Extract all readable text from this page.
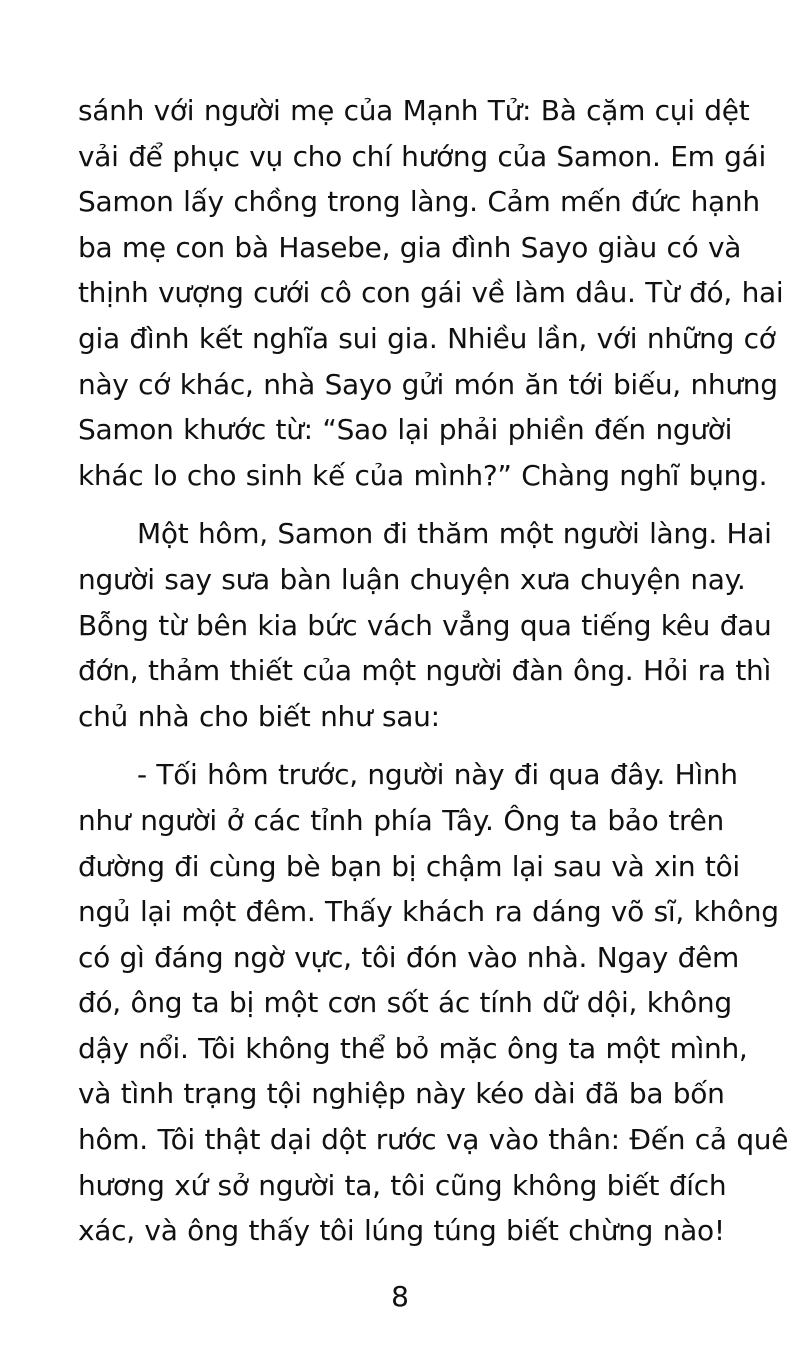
sánh với người mẹ của Mạnh Tử: Bà cặm cụi dệt
vải để phục vụ cho chí hướng của Samon. Em gái
Samon lấy chồng trong làng. Cảm mến đức hạnh
ba mẹ con bà Hasebe, gia đình Sayo giàu có và
thịnh vượng cưới cô con gái về làm dâu. Từ đó, hai
gia đình kết nghĩa sui gia. Nhiều lần, với những cớ
này cớ khác, nhà Sayo gửi món ăn tới biếu, nhưng
Samon khước từ: “Sao lại phải phiền đến người
khác lo cho sinh kế của mình?” Chàng nghĩ bụng.
Một hôm, Samon đi thăm một người làng. Hai
người say sưa bàn luận chuyện xưa chuyện nay.
Bỗng từ bên kia bức vách vẳng qua tiếng kêu đau
đớn, thảm thiết của một người đàn ông. Hỏi ra thì
chủ nhà cho biết như sau:
- Tối hôm trước, người này đi qua đây. Hình
như người ở các tỉnh phía Tây. Ông ta bảo trên
đường đi cùng bè bạn bị chậm lại sau và xin tôi
ngủ lại một đêm. Thấy khách ra dáng võ sĩ, không
có gì đáng ngờ vực, tôi đón vào nhà. Ngay đêm
đó, ông ta bị một cơn sốt ác tính dữ dội, không
dậy nổi. Tôi không thể bỏ mặc ông ta một mình,
và tình trạng tội nghiệp này kéo dài đã ba bốn
hôm. Tôi thật dại dột rước vạ vào thân: Đến cả quê
hương xứ sở người ta, tôi cũng không biết đích
xác, và ông thấy tôi lúng túng biết chừng nào!
8
